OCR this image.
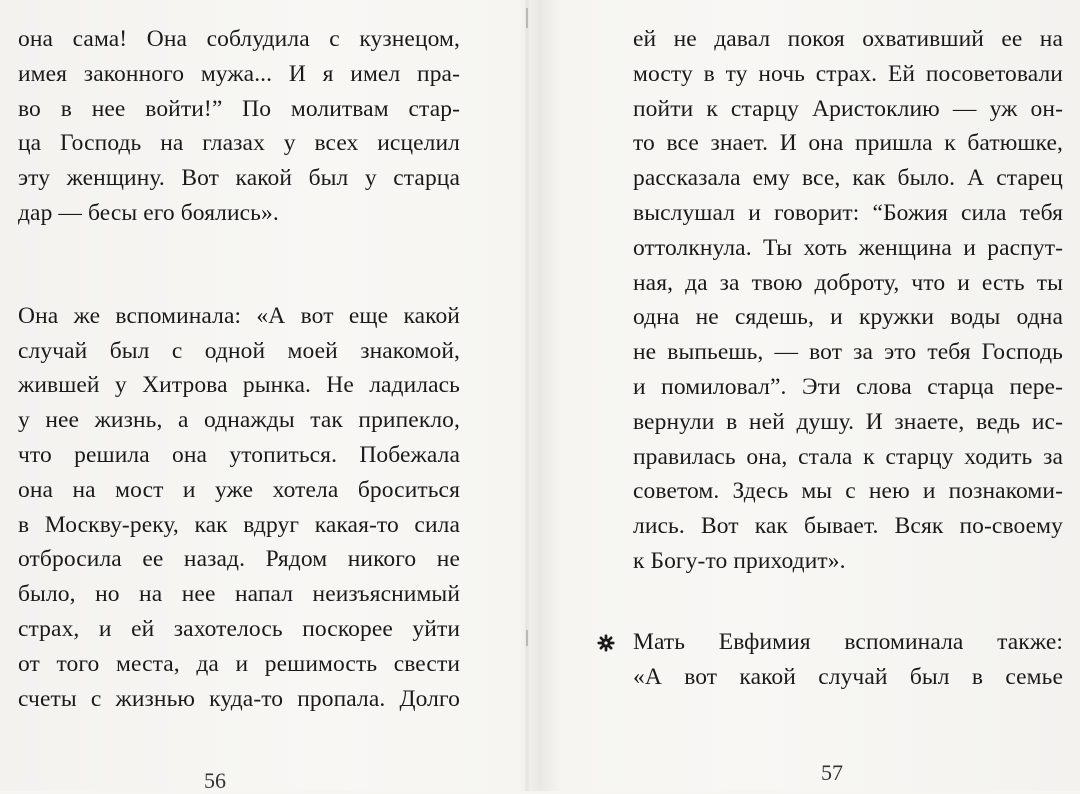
она сама! Она соблудила с кузнецом,
имея законного мужа... И я имел пра-
во в нее войти!” По молитвам стар-
ца Господь на глазах у всех исцелил
эту женщину. Вот какой был у старца
дар — бесы его боялись».
Она же вспоминала: «А вот еще какой
случай был с одной моей знакомой,
жившей у Хитрова рынка. Не ладилась
у нее жизнь, а однажды так припекло,
что решила она утопиться. Побежала
она на мост и уже хотела броситься
в Москву-реку, как вдруг какая-то сила
отбросила ее назад. Рядом никого не
было, но на нее напал неизъяснимый
страх, и ей захотелось поскорее уйти
от того места, да и решимость свести
счеты с жизнью куда-то пропала. Долго
ей не давал покоя охвативший ее на
мосту в ту ночь страх. Ей посоветовали
пойти к старцу Аристоклию — уж он-
то все знает. И она пришла к батюшке,
рассказала ему все, как было. А старец
выслушал и говорит: “Божия сила тебя
оттолкнула. Ты хоть женщина и распут-
ная, да за твою доброту, что и есть ты
одна не сядешь, и кружки воды одна
не выпьешь, — вот за это тебя Господь
и помиловал”. Эти слова старца пере-
вернули в ней душу. И знаете, ведь ис-
правилась она, стала к старцу ходить за
советом. Здесь мы с нею и познакоми-
лись. Вот как бывает. Всяк по-своему
к Богу-то приходит».
Мать Евфимия вспоминала также:
«А вот какой случай был в семье
56	57
